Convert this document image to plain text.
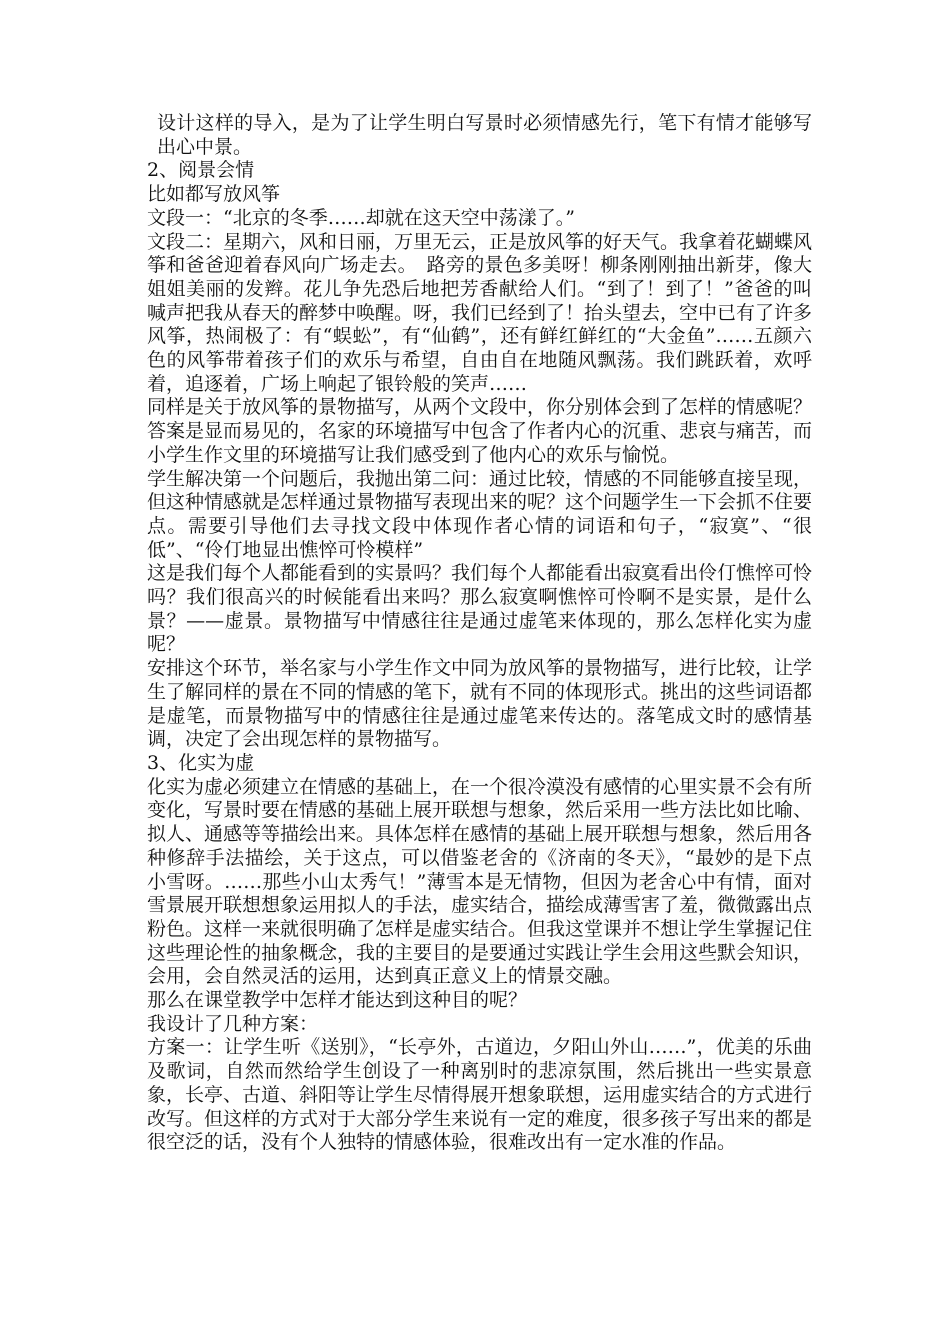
设计这样的导入，是为了让学生明白写景时必须情感先行，笔下有情才能够写出心中景。

2、阅景会情

比如都写放风筝

文段一：“北京的冬季……却就在这天空中荡漾了。”

文段二：星期六，风和日丽，万里无云，正是放风筝的好天气。我拿着花蝴蝶风筝和爸爸迎着春风向广场走去。　路旁的景色多美呀！柳条刚刚抽出新芽，像大姐姐美丽的发辫。花儿争先恐后地把芳香献给人们。“到了！到了！”爸爸的叫喊声把我从春天的醉梦中唤醒。呀，我们已经到了！抬头望去，空中已有了许多风筝，热闹极了：有“蜈蚣”，有“仙鹤”，还有鲜红鲜红的“大金鱼”……五颜六色的风筝带着孩子们的欢乐与希望，自由自在地随风飘荡。我们跳跃着，欢呼着，追逐着，广场上响起了银铃般的笑声……

同样是关于放风筝的景物描写，从两个文段中，你分别体会到了怎样的情感呢？

答案是显而易见的，名家的环境描写中包含了作者内心的沉重、悲哀与痛苦，而小学生作文里的环境描写让我们感受到了他内心的欢乐与愉悦。

学生解决第一个问题后，我抛出第二问：通过比较，情感的不同能够直接呈现，但这种情感就是怎样通过景物描写表现出来的呢？这个问题学生一下会抓不住要点。需要引导他们去寻找文段中体现作者心情的词语和句子，“寂寞”、“很低”、“伶仃地显出憔悴可怜模样”

这是我们每个人都能看到的实景吗？我们每个人都能看出寂寞看出伶仃憔悴可怜吗？我们很高兴的时候能看出来吗？那么寂寞啊憔悴可怜啊不是实景，是什么景？——虚景。景物描写中情感往往是通过虚笔来体现的，那么怎样化实为虚呢？

安排这个环节，举名家与小学生作文中同为放风筝的景物描写，进行比较，让学生了解同样的景在不同的情感的笔下，就有不同的体现形式。挑出的这些词语都是虚笔，而景物描写中的情感往往是通过虚笔来传达的。落笔成文时的感情基调，决定了会出现怎样的景物描写。

3、化实为虚

化实为虚必须建立在情感的基础上，在一个很冷漠没有感情的心里实景不会有所变化，写景时要在情感的基础上展开联想与想象，然后采用一些方法比如比喻、拟人、通感等等描绘出来。具体怎样在感情的基础上展开联想与想象，然后用各种修辞手法描绘，关于这点，可以借鉴老舍的《济南的冬天》，“最妙的是下点小雪呀。……那些小山太秀气！”薄雪本是无情物，但因为老舍心中有情，面对雪景展开联想想象运用拟人的手法，虚实结合，描绘成薄雪害了羞，微微露出点粉色。这样一来就很明确了怎样是虚实结合。但我这堂课并不想让学生掌握记住这些理论性的抽象概念，我的主要目的是要通过实践让学生会用这些默会知识，会用，会自然灵活的运用，达到真正意义上的情景交融。

那么在课堂教学中怎样才能达到这种目的呢？

我设计了几种方案：

方案一：让学生听《送别》，“长亭外，古道边，夕阳山外山……”，优美的乐曲及歌词，自然而然给学生创设了一种离别时的悲凉氛围，然后挑出一些实景意象，长亭、古道、斜阳等让学生尽情得展开想象联想，运用虚实结合的方式进行改写。但这样的方式对于大部分学生来说有一定的难度，很多孩子写出来的都是很空泛的话，没有个人独特的情感体验，很难改出有一定水准的作品。
